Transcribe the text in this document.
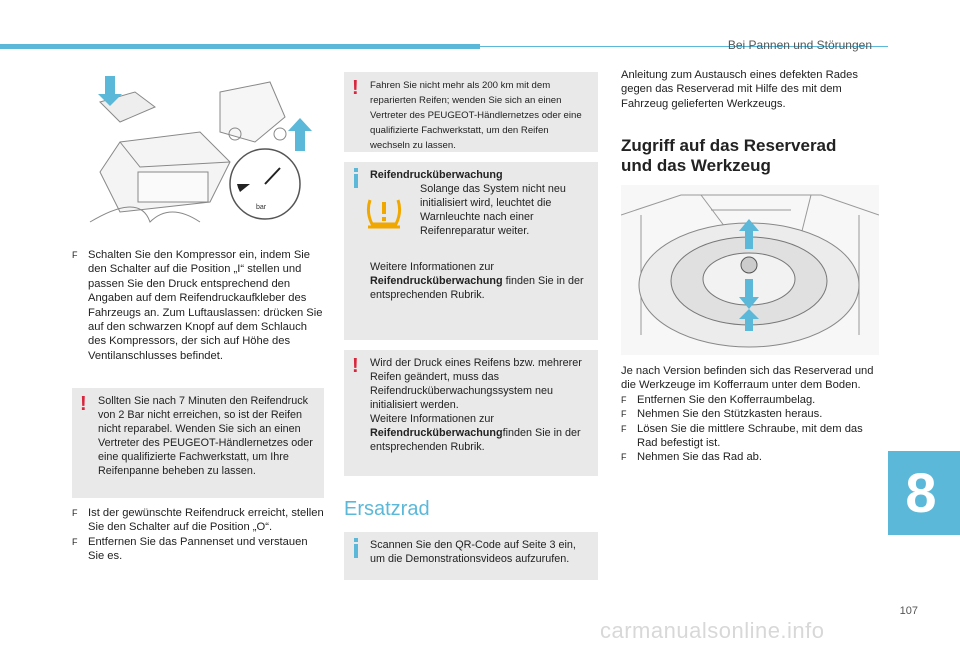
Bei Pannen und Störungen
bar
F Schalten Sie den Kompressor ein, indem Sie den Schalter auf die Position „I“ stellen und passen Sie den Druck entsprechend den Angaben auf dem Reifendruckaufkleber des Fahrzeugs an. Zum Luftauslassen: drücken Sie auf den schwarzen Knopf auf dem Schlauch des Kompressors, der sich auf Höhe des Ventilanschlusses befindet.
!	Sollten Sie nach 7 Minuten den Reifendruck von 2 Bar nicht erreichen, so ist der Reifen nicht reparabel. Wenden Sie sich an einen Vertreter des PEUGEOT-Händlernetzes oder eine qualifizierte Fachwerkstatt, um Ihre Reifenpanne beheben zu lassen.
F Ist der gewünschte Reifendruck erreicht, stellen Sie den Schalter auf die Position „O“.
F Entfernen Sie das Pannenset und verstauen Sie es.
!	Fahren Sie nicht mehr als 200 km mit dem reparierten Reifen; wenden Sie sich an einen Vertreter des PEUGEOT-Händlernetzes oder eine qualifizierte Fachwerkstatt, um den Reifen wechseln zu lassen.
Reifendrucküberwachung
Solange das System nicht neu initialisiert wird, leuchtet die Warnleuchte nach einer Reifenreparatur weiter.
Weitere Informationen zur
Reifendrucküberwachung finden Sie in der entsprechenden Rubrik.
!	Wird der Druck eines Reifens bzw. mehrerer Reifen geändert, muss das Reifendrucküberwachungssystem neu initialisiert werden.
Weitere Informationen zur
Reifendrucküberwachungfinden Sie in der entsprechenden Rubrik.
Ersatzrad
Scannen Sie den QR-Code auf Seite 3 ein, um die Demonstrationsvideos aufzurufen.
Anleitung zum Austausch eines defekten Rades gegen das Reserverad mit Hilfe des mit dem Fahrzeug gelieferten Werkzeugs.
Zugriff auf das Reserverad und das Werkzeug
Je nach Version befinden sich das Reserverad und die Werkzeuge im Kofferraum unter dem Boden.
F Entfernen Sie den Kofferraumbelag.
F Nehmen Sie den Stützkasten heraus.
F Lösen Sie die mittlere Schraube, mit dem das Rad befestigt ist.
F Nehmen Sie das Rad ab.
8
107
carmanualsonline.info
